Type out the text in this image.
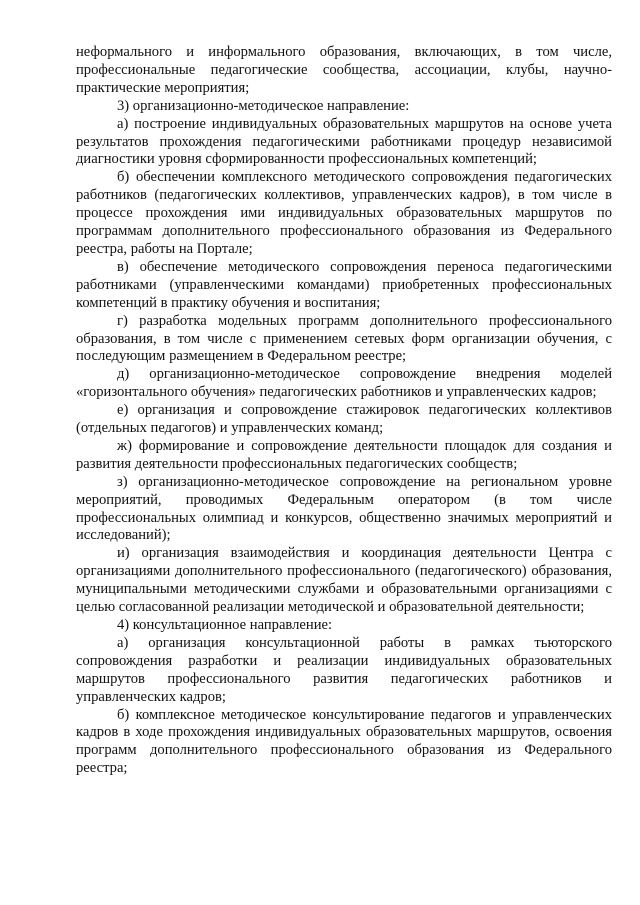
неформального и информального образования, включающих, в том числе, профессиональные педагогические сообщества, ассоциации, клубы, научно-практические мероприятия;

3) организационно-методическое направление:

а) построение индивидуальных образовательных маршрутов на основе учета результатов прохождения педагогическими работниками процедур независимой диагностики уровня сформированности профессиональных компетенций;

б) обеспечении комплексного методического сопровождения педагогических работников (педагогических коллективов, управленческих кадров), в том числе в процессе прохождения ими индивидуальных образовательных маршрутов по программам дополнительного профессионального образования из Федерального реестра, работы на Портале;

в) обеспечение методического сопровождения переноса педагогическими работниками (управленческими командами) приобретенных профессиональных компетенций в практику обучения и воспитания;

г) разработка модельных программ дополнительного профессионального образования, в том числе с применением сетевых форм организации обучения, с последующим размещением в Федеральном реестре;

д) организационно-методическое сопровождение внедрения моделей «горизонтального обучения» педагогических работников и управленческих кадров;

е) организация и сопровождение стажировок педагогических коллективов (отдельных педагогов) и управленческих команд;

ж) формирование и сопровождение деятельности площадок для создания и развития деятельности профессиональных педагогических сообществ;

з) организационно-методическое сопровождение на региональном уровне мероприятий, проводимых Федеральным оператором (в том числе профессиональных олимпиад и конкурсов, общественно значимых мероприятий и исследований);

и) организация взаимодействия и координация деятельности Центра с организациями дополнительного профессионального (педагогического) образования, муниципальными методическими службами и образовательными организациями с целью согласованной реализации методической и образовательной деятельности;

4) консультационное направление:

а) организация консультационной работы в рамках тьюторского сопровождения разработки и реализации индивидуальных образовательных маршрутов профессионального развития педагогических работников и управленческих кадров;

б) комплексное методическое консультирование педагогов и управленческих кадров в ходе прохождения индивидуальных образовательных маршрутов, освоения программ дополнительного профессионального образования из Федерального реестра;
